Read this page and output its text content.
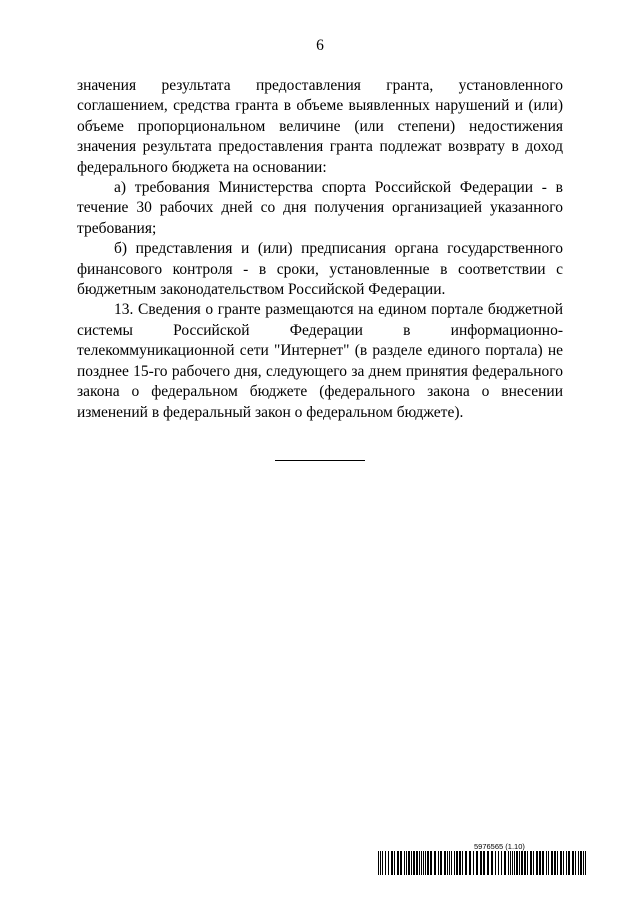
6

значения результата предоставления гранта, установленного соглашением, средства гранта в объеме выявленных нарушений и (или) объеме пропорциональном величине (или степени) недостижения значения результата предоставления гранта подлежат возврату в доход федерального бюджета на основании:

а) требования Министерства спорта Российской Федерации - в течение 30 рабочих дней со дня получения организацией указанного требования;

б) представления и (или) предписания органа государственного финансового контроля - в сроки, установленные в соответствии с бюджетным законодательством Российской Федерации.

13. Сведения о гранте размещаются на едином портале бюджетной системы Российской Федерации в информационно-телекоммуникационной сети "Интернет" (в разделе единого портала) не позднее 15-го рабочего дня, следующего за днем принятия федерального закона о федеральном бюджете (федерального закона о внесении изменений в федеральный закон о федеральном бюджете).

5976565 (1.10)
